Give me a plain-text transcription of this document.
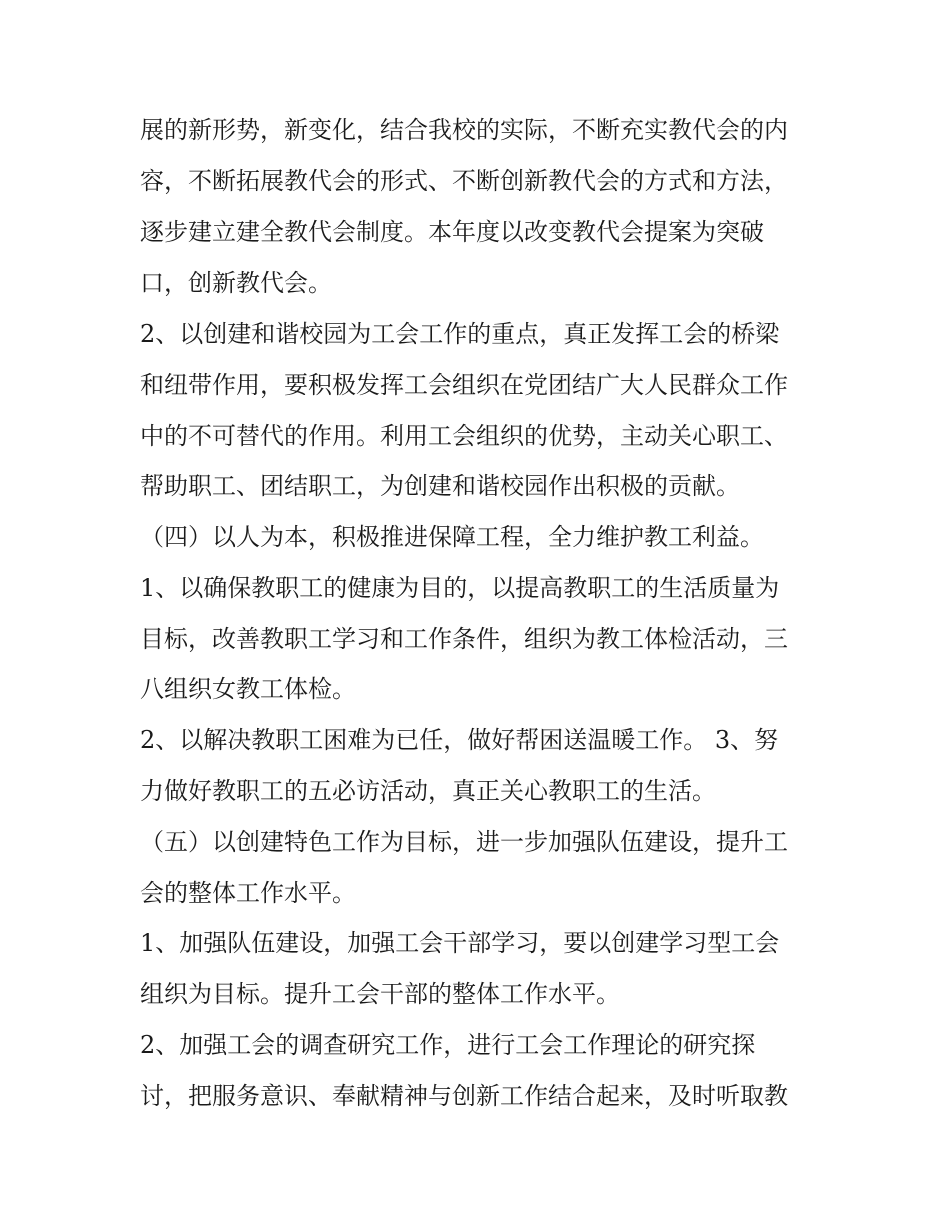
展的新形势，新变化，结合我校的实际，不断充实教代会的内

容，不断拓展教代会的形式、不断创新教代会的方式和方法，

逐步建立建全教代会制度。本年度以改变教代会提案为突破

口，创新教代会。

2、以创建和谐校园为工会工作的重点，真正发挥工会的桥梁

和纽带作用，要积极发挥工会组织在党团结广大人民群众工作

中的不可替代的作用。利用工会组织的优势，主动关心职工、

帮助职工、团结职工，为创建和谐校园作出积极的贡献。

（四）以人为本，积极推进保障工程，全力维护教工利益。

1、以确保教职工的健康为目的，以提高教职工的生活质量为

目标，改善教职工学习和工作条件，组织为教工体检活动，三

八组织女教工体检。

2、以解决教职工困难为已任，做好帮困送温暖工作。 3、努

力做好教职工的五必访活动，真正关心教职工的生活。

（五）以创建特色工作为目标，进一步加强队伍建设，提升工

会的整体工作水平。

1、加强队伍建设，加强工会干部学习，要以创建学习型工会

组织为目标。提升工会干部的整体工作水平。

2、加强工会的调查研究工作，进行工会工作理论的研究探

讨，把服务意识、奉献精神与创新工作结合起来，及时听取教
